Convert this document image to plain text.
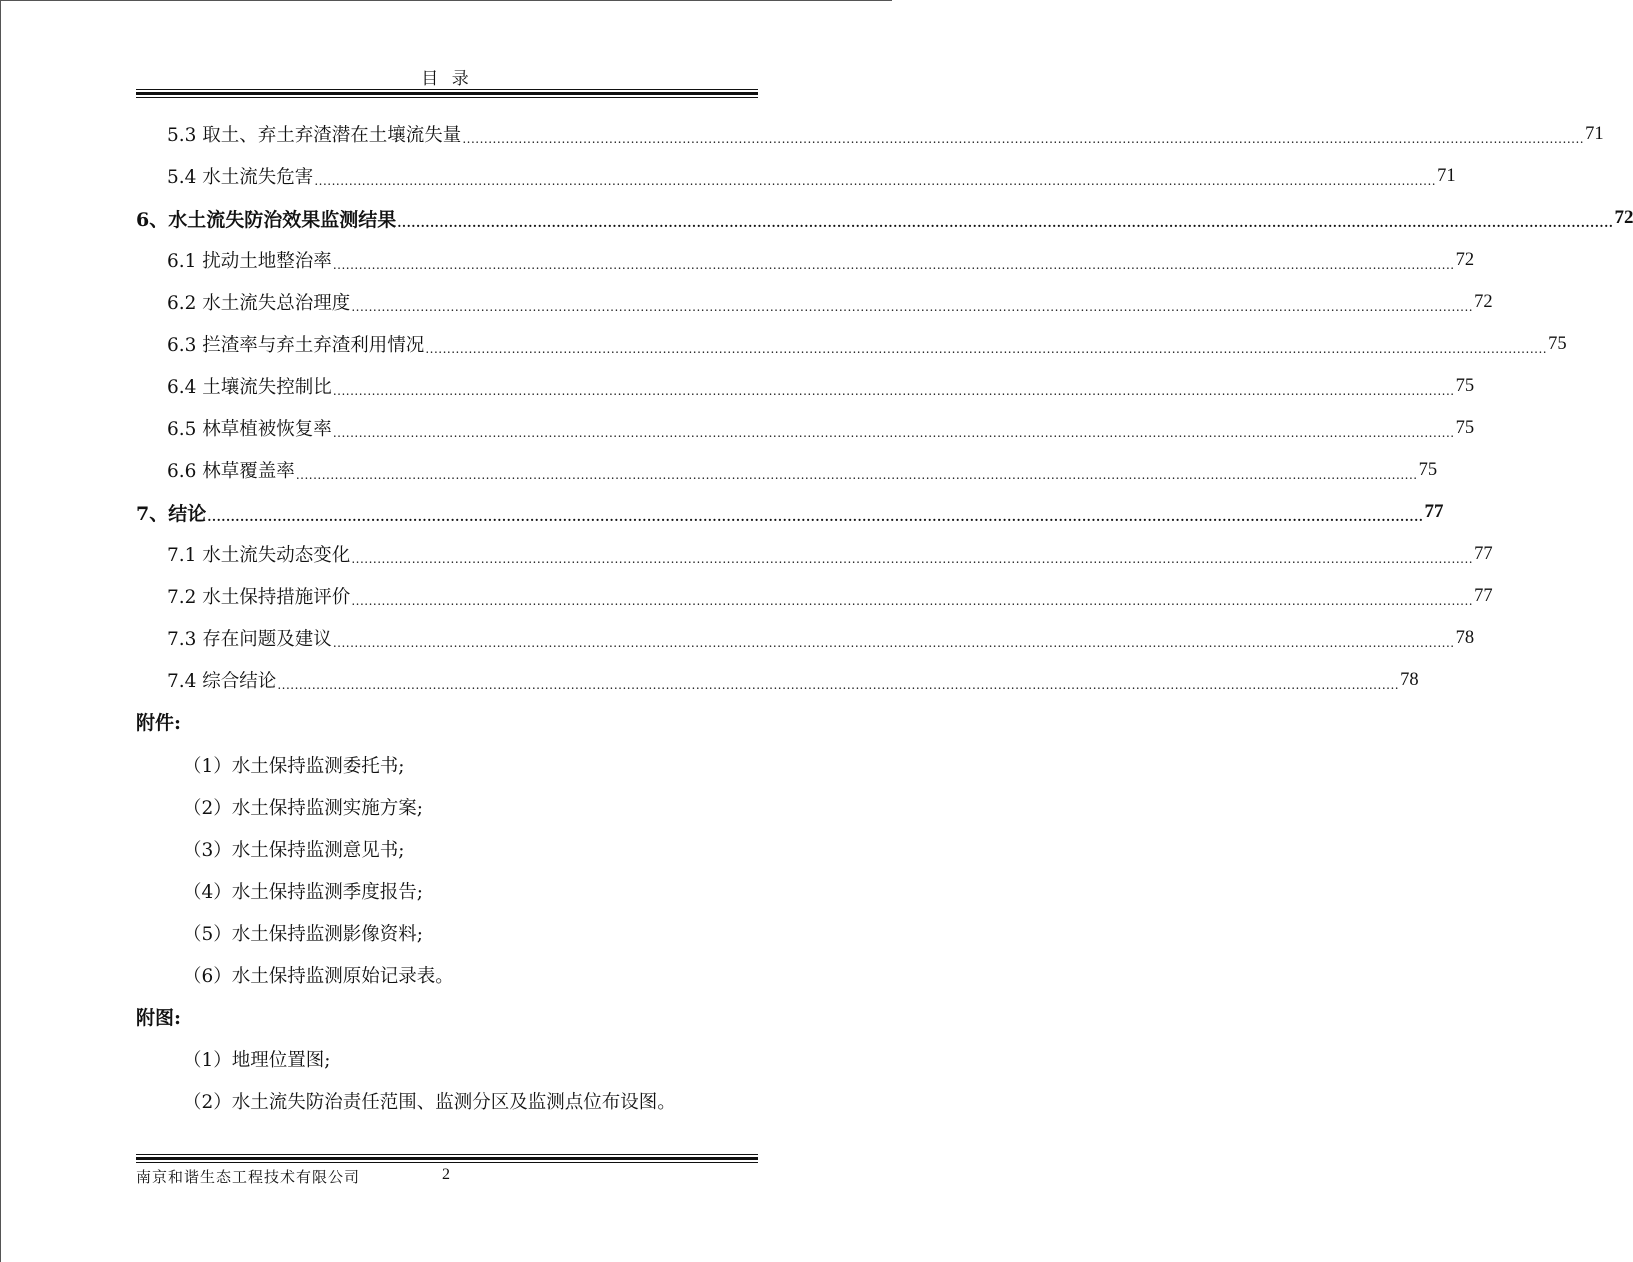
目 录
5.3 取土、弃土弃渣潜在土壤流失量 .................................................................................................................................................................................................................................................................... 71
5.4 水土流失危害 .................................................................................................................................................................................................................................................................... 71
6、水土流失防治效果监测结果 .................................................................................................................................................................................................................................................................... 72
6.1 扰动土地整治率 .................................................................................................................................................................................................................................................................... 72
6.2 水土流失总治理度 .................................................................................................................................................................................................................................................................... 72
6.3 拦渣率与弃土弃渣利用情况 .................................................................................................................................................................................................................................................................... 75
6.4 土壤流失控制比 .................................................................................................................................................................................................................................................................... 75
6.5 林草植被恢复率 .................................................................................................................................................................................................................................................................... 75
6.6 林草覆盖率 .................................................................................................................................................................................................................................................................... 75
7、结论 .................................................................................................................................................................................................................................................................... 77
7.1 水土流失动态变化 .................................................................................................................................................................................................................................................................... 77
7.2 水土保持措施评价 .................................................................................................................................................................................................................................................................... 77
7.3 存在问题及建议 .................................................................................................................................................................................................................................................................... 78
7.4 综合结论 .................................................................................................................................................................................................................................................................... 78
附件:
（1）水土保持监测委托书;
（2）水土保持监测实施方案;
（3）水土保持监测意见书;
（4）水土保持监测季度报告;
（5）水土保持监测影像资料;
（6）水土保持监测原始记录表。
附图:
（1）地理位置图;
（2）水土流失防治责任范围、监测分区及监测点位布设图。
南京和谐生态工程技术有限公司	2
